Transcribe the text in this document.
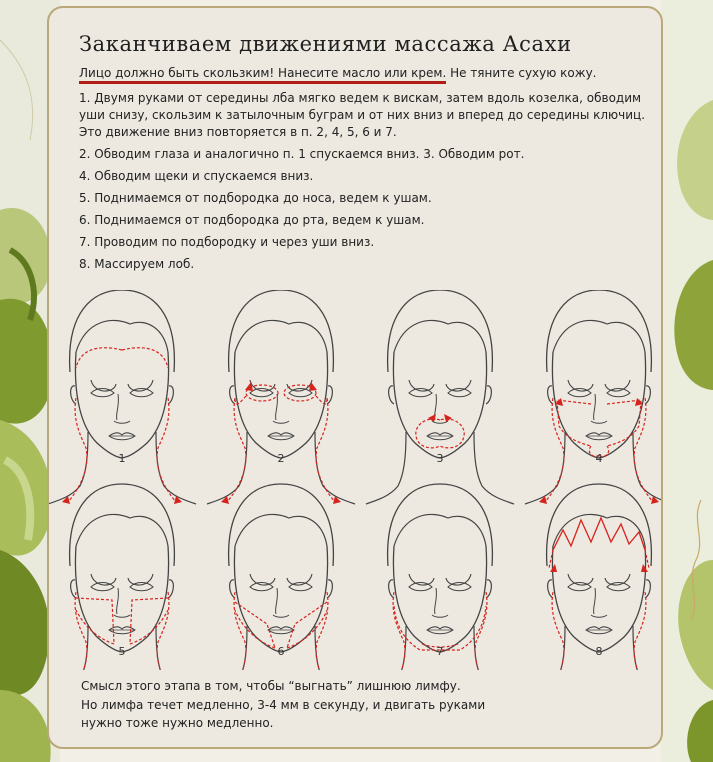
Заканчиваем движениями массажа Асахи
Лицо должно быть скользким! Нанесите масло или крем. Не тяните сухую кожу.
1. Двумя руками от середины лба мягко ведем к вискам, затем вдоль козелка, обводим уши снизу, скользим к затылочным буграм и от них вниз и вперед до середины ключиц. Это движение вниз повторяется в п. 2, 4, 5, 6 и 7.
2. Обводим глаза и аналогично п. 1 спускаемся вниз. 3. Обводим рот.
4. Обводим щеки и спускаемся вниз.
5. Поднимаемся от подбородка до носа, ведем к ушам.
6. Поднимаемся от подбородка до рта, ведем к ушам.
7. Проводим по подбородку и через уши вниз.
8. Массируем лоб.
1	2	3	4
5	6	7	8
Смысл этого этапа в том, чтобы “выгнать” лишнюю лимфу.
Но лимфа течет медленно, 3-4 мм в секунду, и двигать руками
нужно тоже нужно медленно.
